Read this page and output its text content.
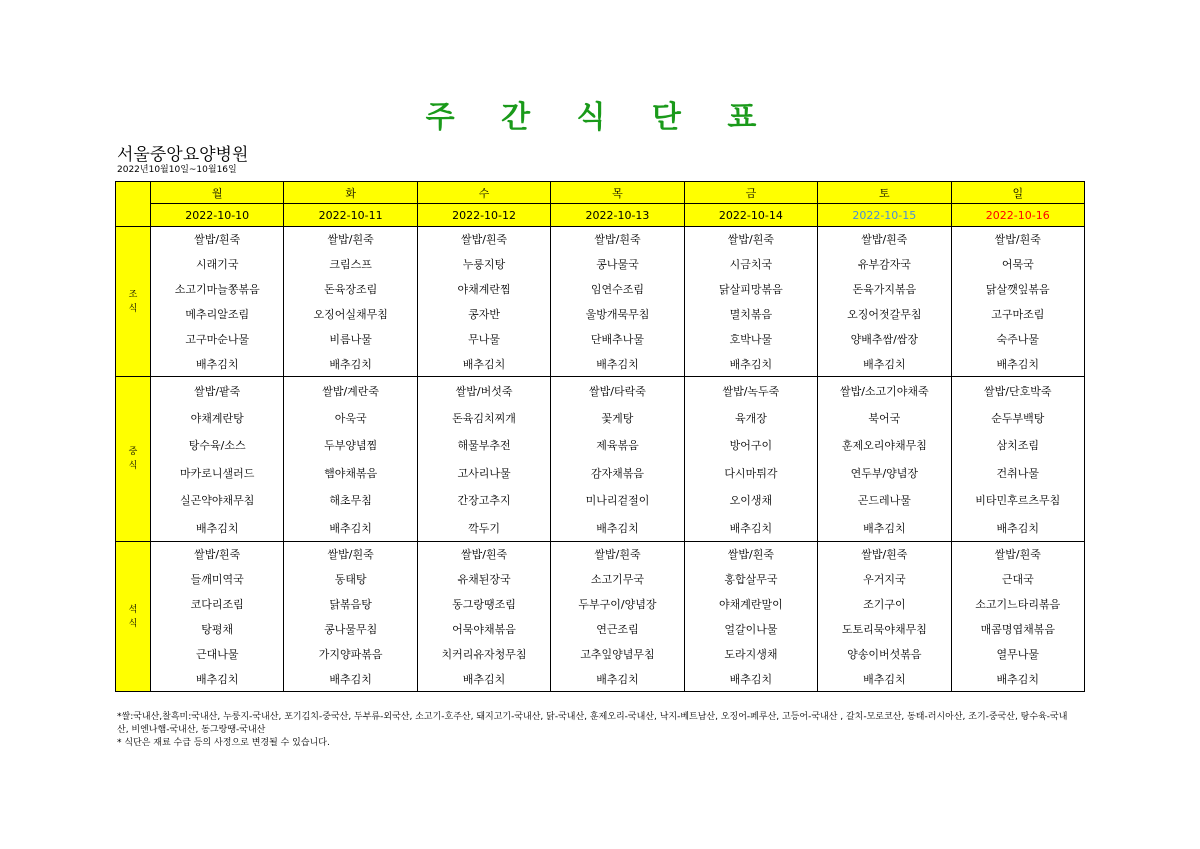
주 간 식 단 표
서울중앙요양병원
2022년10월10일~10월16일
	월	화	수	목	금	토	일
	2022-10-10	2022-10-11	2022-10-12	2022-10-13	2022-10-14	2022-10-15	2022-10-16

조
식	쌀밥/흰죽	쌀밥/흰죽	쌀밥/흰죽	쌀밥/흰죽	쌀밥/흰죽	쌀밥/흰죽	쌀밥/흰죽
	시래기국	크림스프	누룽지탕	콩나물국	시금치국	유부감자국	어묵국
	소고기마늘쫑볶음	돈육장조림	야채계란찜	임연수조림	닭살피망볶음	돈육가지볶음	닭살깻잎볶음
	메추리알조림	오징어실채무침	콩자반	울방개묵무침	멸치볶음	오징어젓갈무침	고구마조림
	고구마순나물	비름나물	무나물	단배추나물	호박나물	양배추쌈/쌈장	숙주나물
	배추김치	배추김치	배추김치	배추김치	배추김치	배추김치	배추김치

중
식	쌀밥/팥죽	쌀밥/계란죽	쌀밥/버섯죽	쌀밥/타락죽	쌀밥/녹두죽	쌀밥/소고기야채죽	쌀밥/단호박죽
	야채계란탕	아욱국	돈육김치찌개	꽃게탕	육개장	북어국	순두부백탕
	탕수육/소스	두부양념찜	해물부추전	제육볶음	방어구이	훈제오리야채무침	삼치조림
	마카로니샐러드	햄야채볶음	고사리나물	감자채볶음	다시마튀각	연두부/양념장	건취나물
	실곤약야채무침	해초무침	간장고추지	미나리겉절이	오이생채	곤드레나물	비타민후르츠무침
	배추김치	배추김치	깍두기	배추김치	배추김치	배추김치	배추김치

석
식	쌀밥/흰죽	쌀밥/흰죽	쌀밥/흰죽	쌀밥/흰죽	쌀밥/흰죽	쌀밥/흰죽	쌀밥/흰죽
	들깨미역국	동태탕	유채된장국	소고기무국	홍합살무국	우거지국	근대국
	코다리조림	닭볶음탕	동그랑땡조림	두부구이/양념장	야채계란말이	조기구이	소고기느타리볶음
	탕평채	콩나물무침	어묵야채볶음	연근조림	얼갈이나물	도토리묵야채무침	매콤명엽채볶음
	근대나물	가지양파볶음	치커리유자청무침	고추잎양념무침	도라지생채	양송이버섯볶음	열무나물
	배추김치	배추김치	배추김치	배추김치	배추김치	배추김치	배추김치

*쌀:국내산,찰흑미:국내산, 누룽지-국내산, 포기김치-중국산, 두부류-외국산, 소고기-호주산, 돼지고기-국내산, 닭-국내산, 훈제오리-국내산, 낙지-베트남산, 오징어-페루산, 고등어-국내산 , 갈치-모로코산, 동태-러시아산, 조기-중국산, 탕수육-국내산, 비엔나햄-국내산, 동그랑땡-국내산

* 식단은 재료 수급 등의 사정으로 변경될 수 있습니다.
